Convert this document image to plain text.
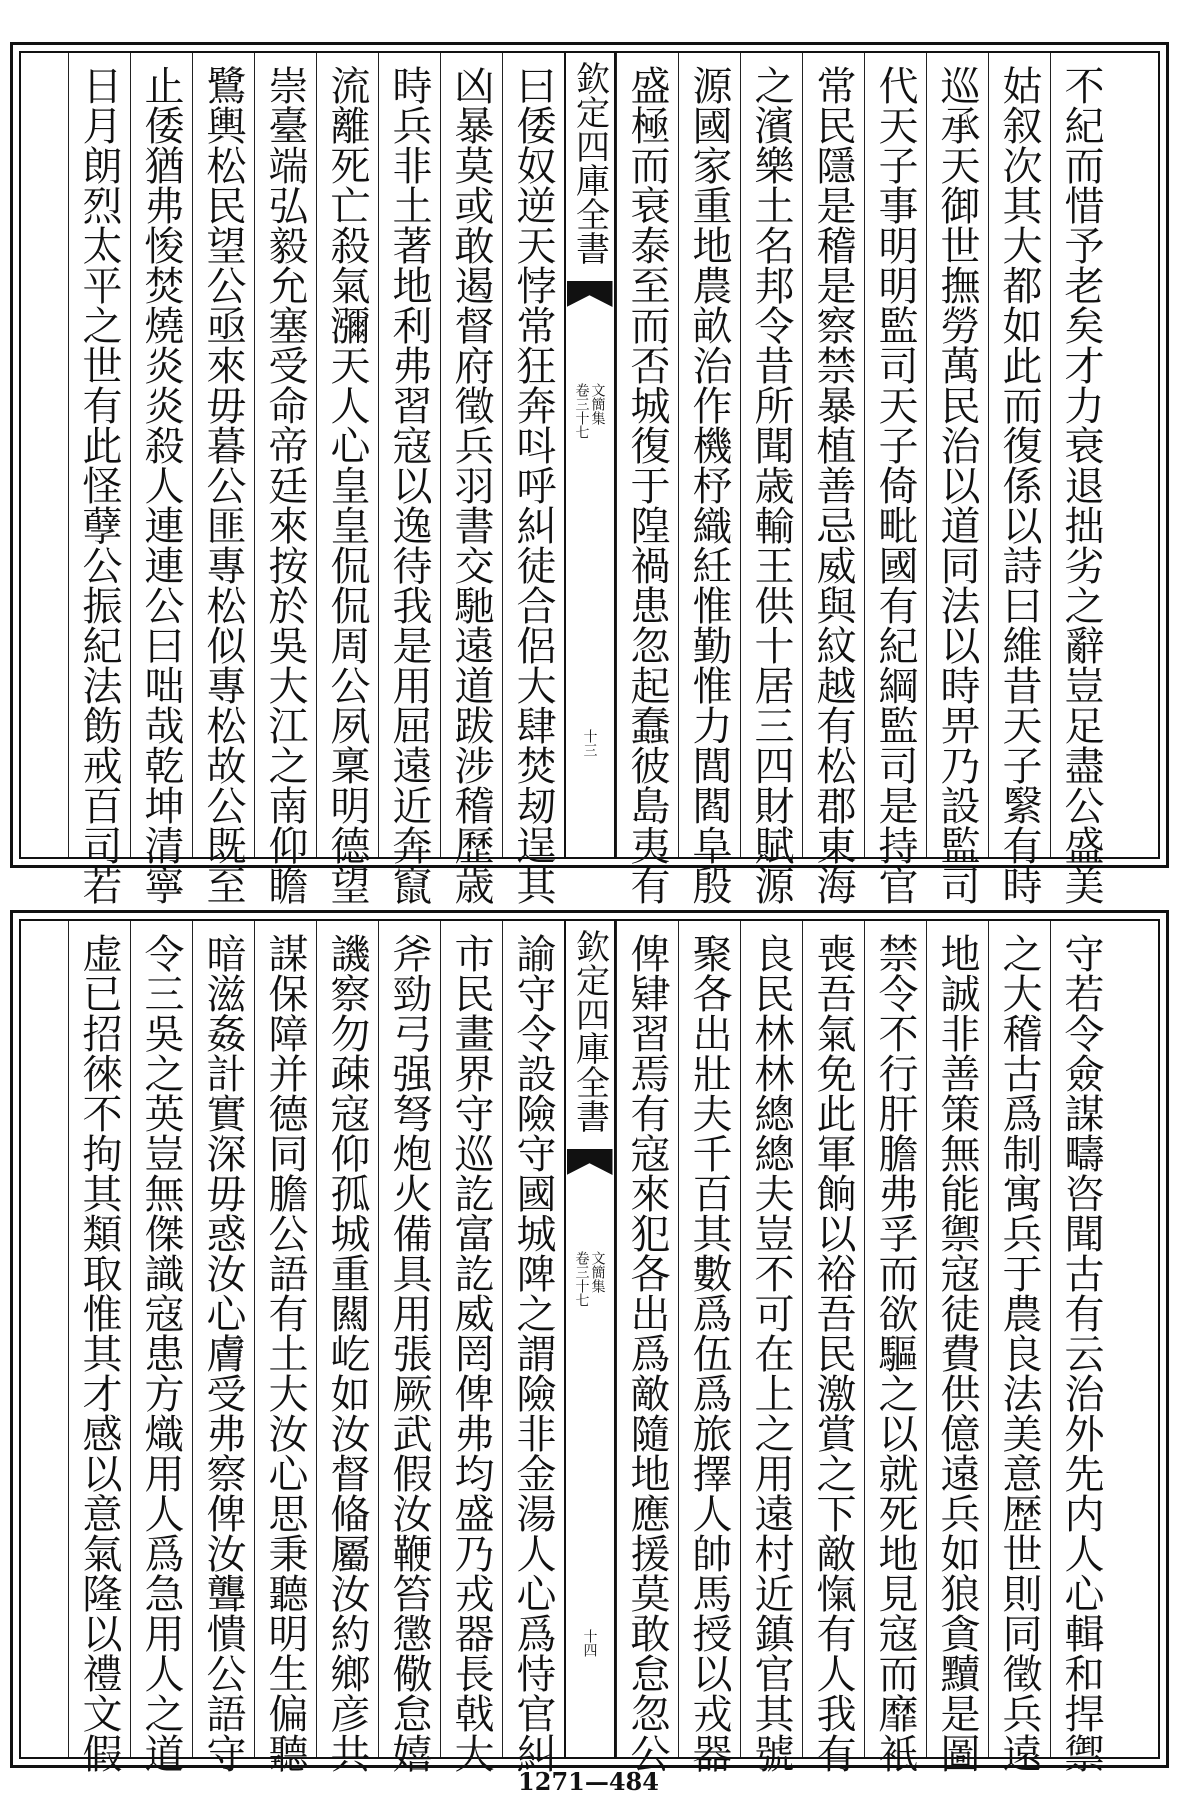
不紀而惜予老矣才力衰退拙劣之辭豈足盡公盛美
姑叙次其大都如此而復係以詩曰維昔天子繄有時
巡承天御世撫勞萬民治以道同法以時畀乃設監司
代天子事明明監司天子倚毗國有紀綱監司是持官
常民隱是稽是察禁暴植善忌威與紋越有松郡東海
之濱樂土名邦令昔所聞歳輸王供十居三四財賦源
源國家重地農畝治作機杼織紝惟勤惟力閭閻阜殷
盛極而衰泰至而否城復于隍禍患忽起蠢彼島夷有
欽定四庫全書
卷三十七 文簡集
十三
曰倭奴逆天悖常狂奔呌呼糾徒合侶大肆焚刼逞其
凶暴莫或敢遏督府徵兵羽書交馳遠道跋涉稽歷歳
時兵非土著地利弗習寇以逸待我是用屈遠近奔竄
流離死亡殺氣瀰天人心皇皇侃侃周公夙稟明德望
崇臺端弘毅允塞受命帝廷來按於吳大江之南仰瞻
鷺輿松民望公亟來毋暮公匪專松似專松故公既至
止倭猶弗悛焚燒炎炎殺人連連公曰咄哉乾坤清寧
日月朗烈太平之世有此怪孽公振紀法飭戒百司若
守若令僉謀疇咨聞古有云治外先内人心輯和捍禦
之大稽古爲制寓兵于農良法美意歴世則同徵兵遠
地誠非善策無能禦寇徒費供億遠兵如狼貪黷是圖
禁令不行肝膽弗孚而欲驅之以就死地見寇而靡衹
喪吾氣免此軍餉以裕吾民激賞之下敵愾有人我有
良民林林總總夫豈不可在上之用遠村近鎮官其號
聚各出壯夫千百其數爲伍爲旅擇人帥馬授以戎器
俾肄習焉有寇來犯各出爲敵隨地應援莫敢怠忽公
欽定四庫全書
卷三十七 文簡集
十四
諭守令設險守國城陴之謂險非金湯人心爲恃官糾
市民畫界守巡訖富訖威罔俾弗均盛乃戎器長戟大
斧勁弓强弩炮火備具用張厥武假汝鞭笞懲儆怠嬉
譏察勿疎寇仰孤城重闗屹如汝督偹屬汝約鄉彦共
謀保障并德同膽公語有土大汝心思秉聽明生偏聽
暗滋姦計實深毋惑汝心膚受弗察俾汝聾憒公語守
令三吳之英豈無傑識寇患方熾用人爲急用人之道
虚已招徠不拘其類取惟其才感以意氣隆以禮文假
1271—484
